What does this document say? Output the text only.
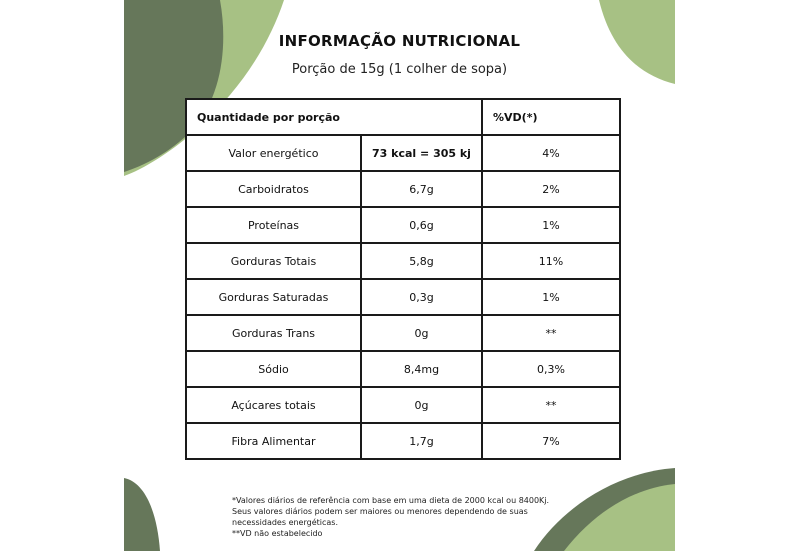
INFORMAÇÃO NUTRICIONAL
Porção de 15g (1 colher de sopa)
Quantidade por porção		%VD(*)
Valor energético	73 kcal = 305 kj	4%
Carboidratos	6,7g	2%
Proteínas	0,6g	1%
Gorduras Totais	5,8g	11%
Gorduras Saturadas	0,3g	1%
Gorduras Trans	0g	**
Sódio	8,4mg	0,3%
Açúcares totais	0g	**
Fibra Alimentar	1,7g	7%
*Valores diários de referência com base em uma dieta de 2000 kcal ou 8400Kj.
Seus valores diários podem ser maiores ou menores dependendo de suas
necessidades energéticas.
**VD não estabelecido
